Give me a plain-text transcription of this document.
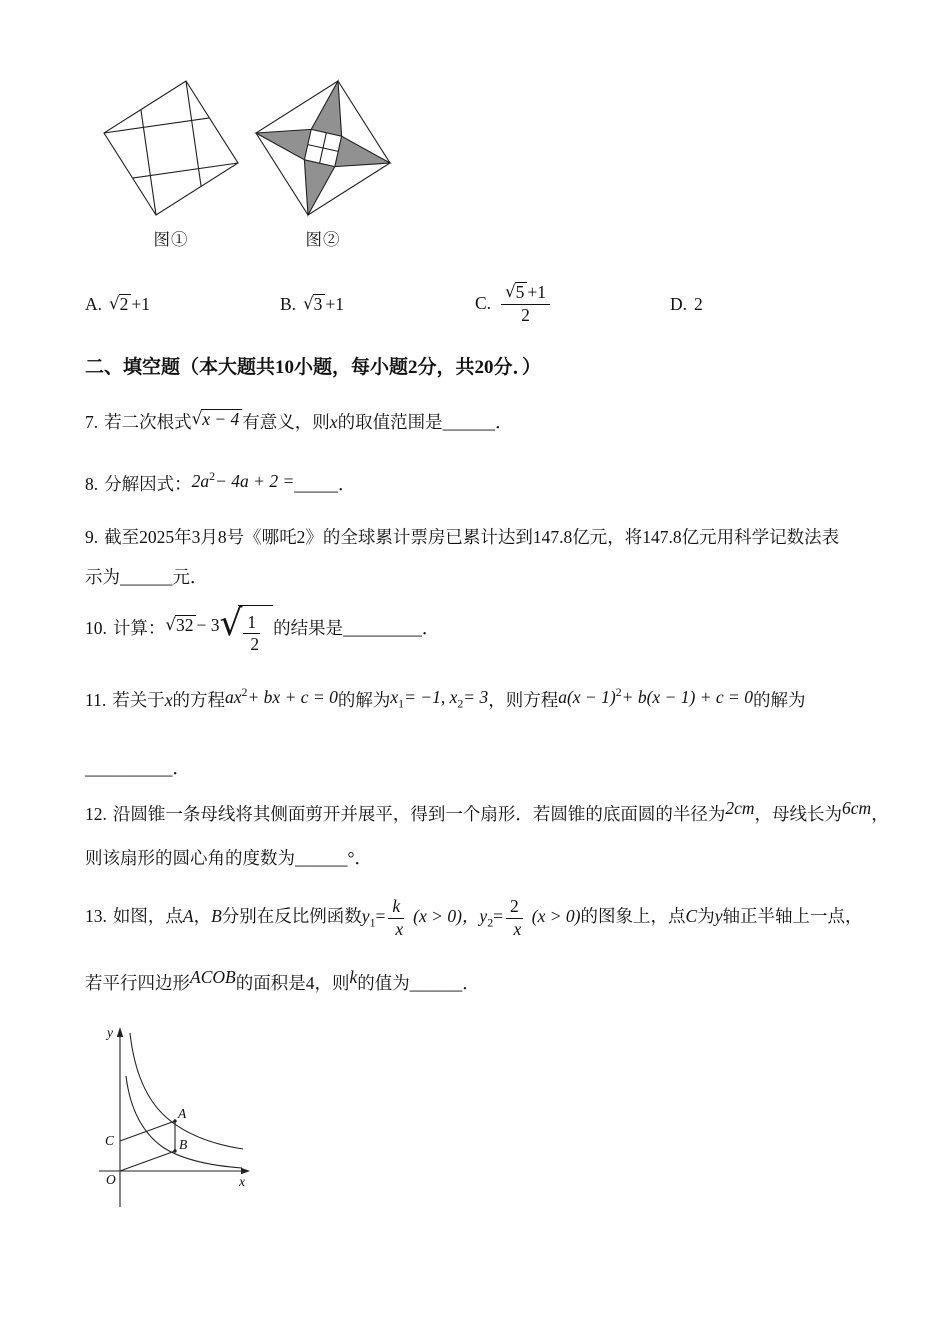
图①	图②
A. √2 +1	B. √3 +1	C. $\frac{√5 +1}{2}$	D. 2

二、填空题（本大题共10小题，每小题2分，共20分．）

7. 若二次根式√x − 4 有意义，则x的取值范围是______．

8. 分解因式：$2a^2- 4a + 2$ =_____．

9. 截至2025年3月8号《哪吒2》的全球累计票房已累计达到147.8亿元，将147.8亿元用科学记数法表
示为______元．

10. 计算：√32 − 3 √ $\frac{1}{2}$ 的结果是_________．

11. 若关于x的方程$ax^2+$ bx + c = 0的解为$x_1= -1$, $x_2= 3$，则方程$a(x - 1)^2+ b(x - 1) + c = 0$的解为
__________．

12. 沿圆锥一条母线将其侧面剪开并展平，得到一个扇形．若圆锥的底面圆的半径为2cm，母线长为6cm，
则该扇形的圆心角的度数为______°．

13. 如图，点A，B分别在反比例函数$y_1= \frac{k}{x} (x > 0)$，$y_2= \frac{2}{x} (x > 0)$的图象上，点C为y轴正半轴上一点，
若平行四边形ACOB的面积是4，则k的值为______．

A
B
C
O	x
y
